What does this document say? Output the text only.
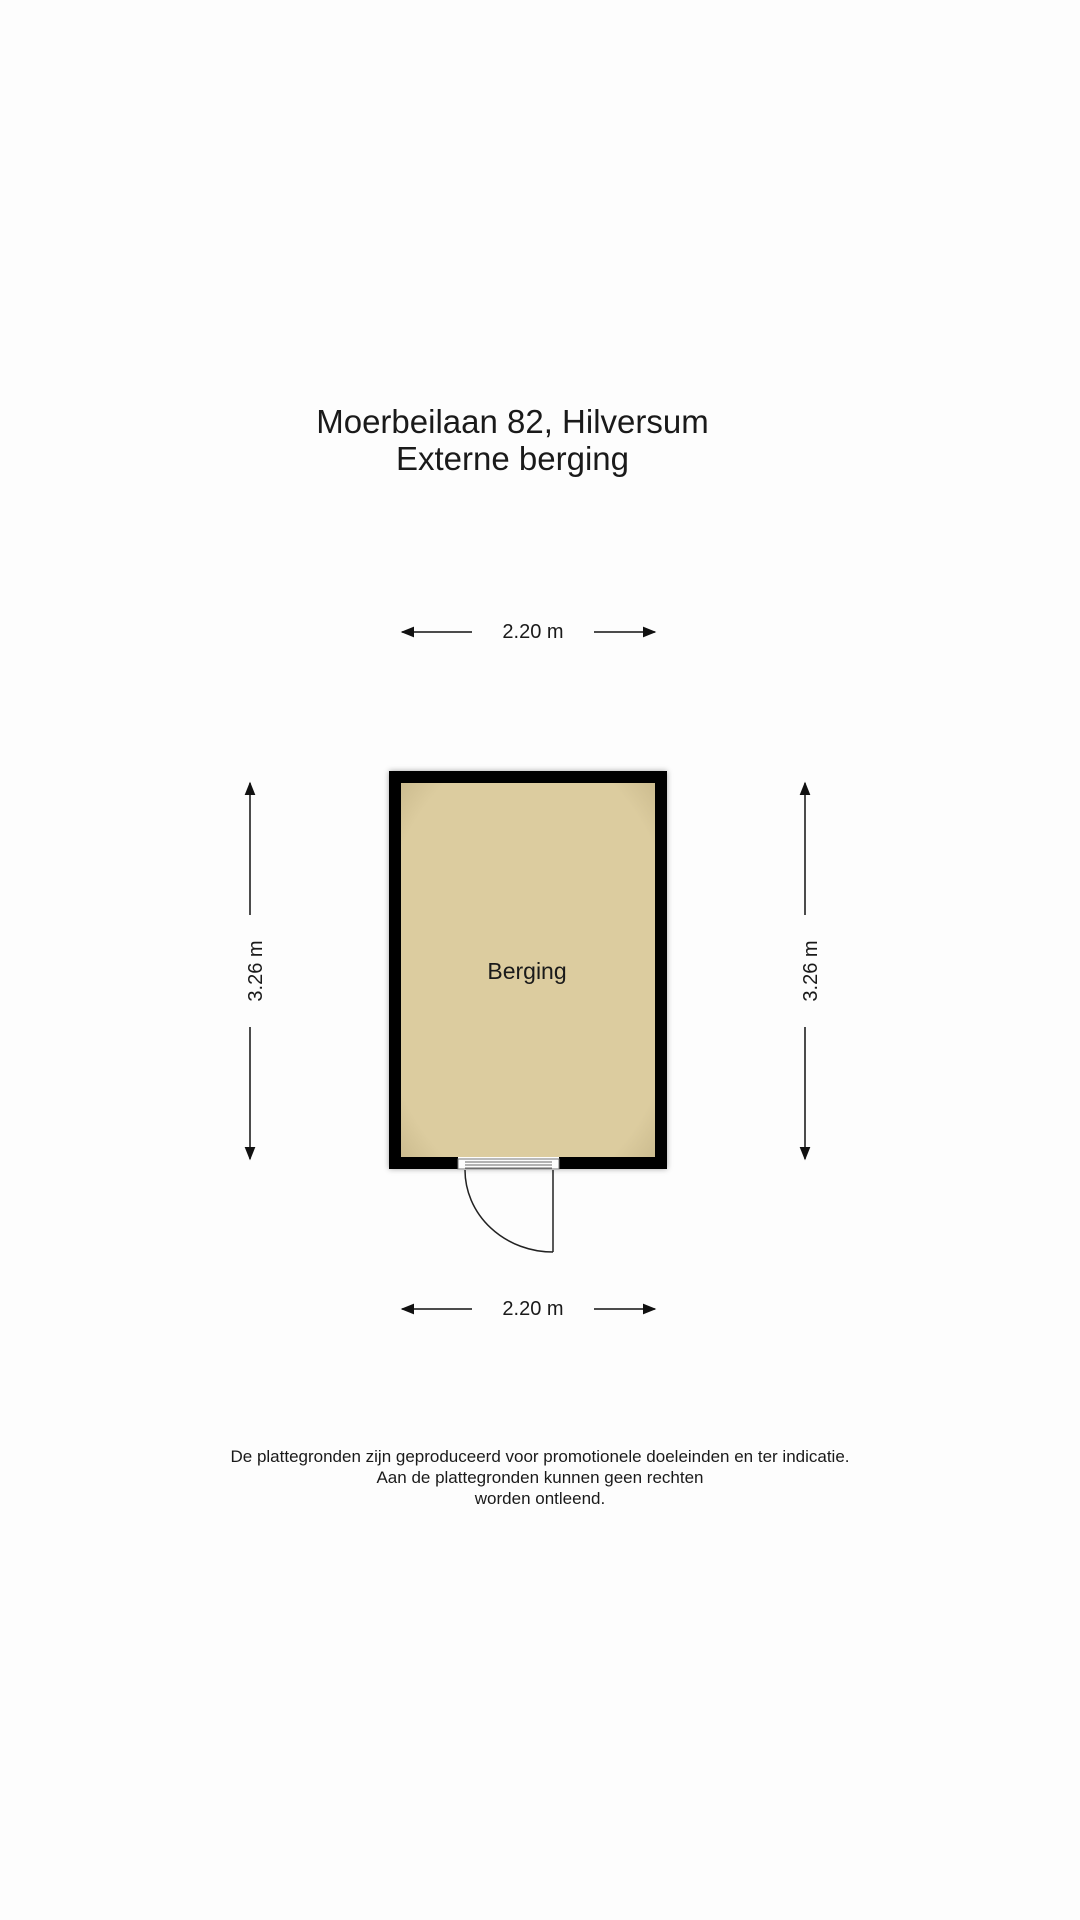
Moerbeilaan 82, Hilversum
Externe berging
Berging
2.20 m
2.20 m
3.26 m	3.26 m
De plattegronden zijn geproduceerd voor promotionele doeleinden en ter indicatie.
Aan de plattegronden kunnen geen rechten
worden ontleend.
